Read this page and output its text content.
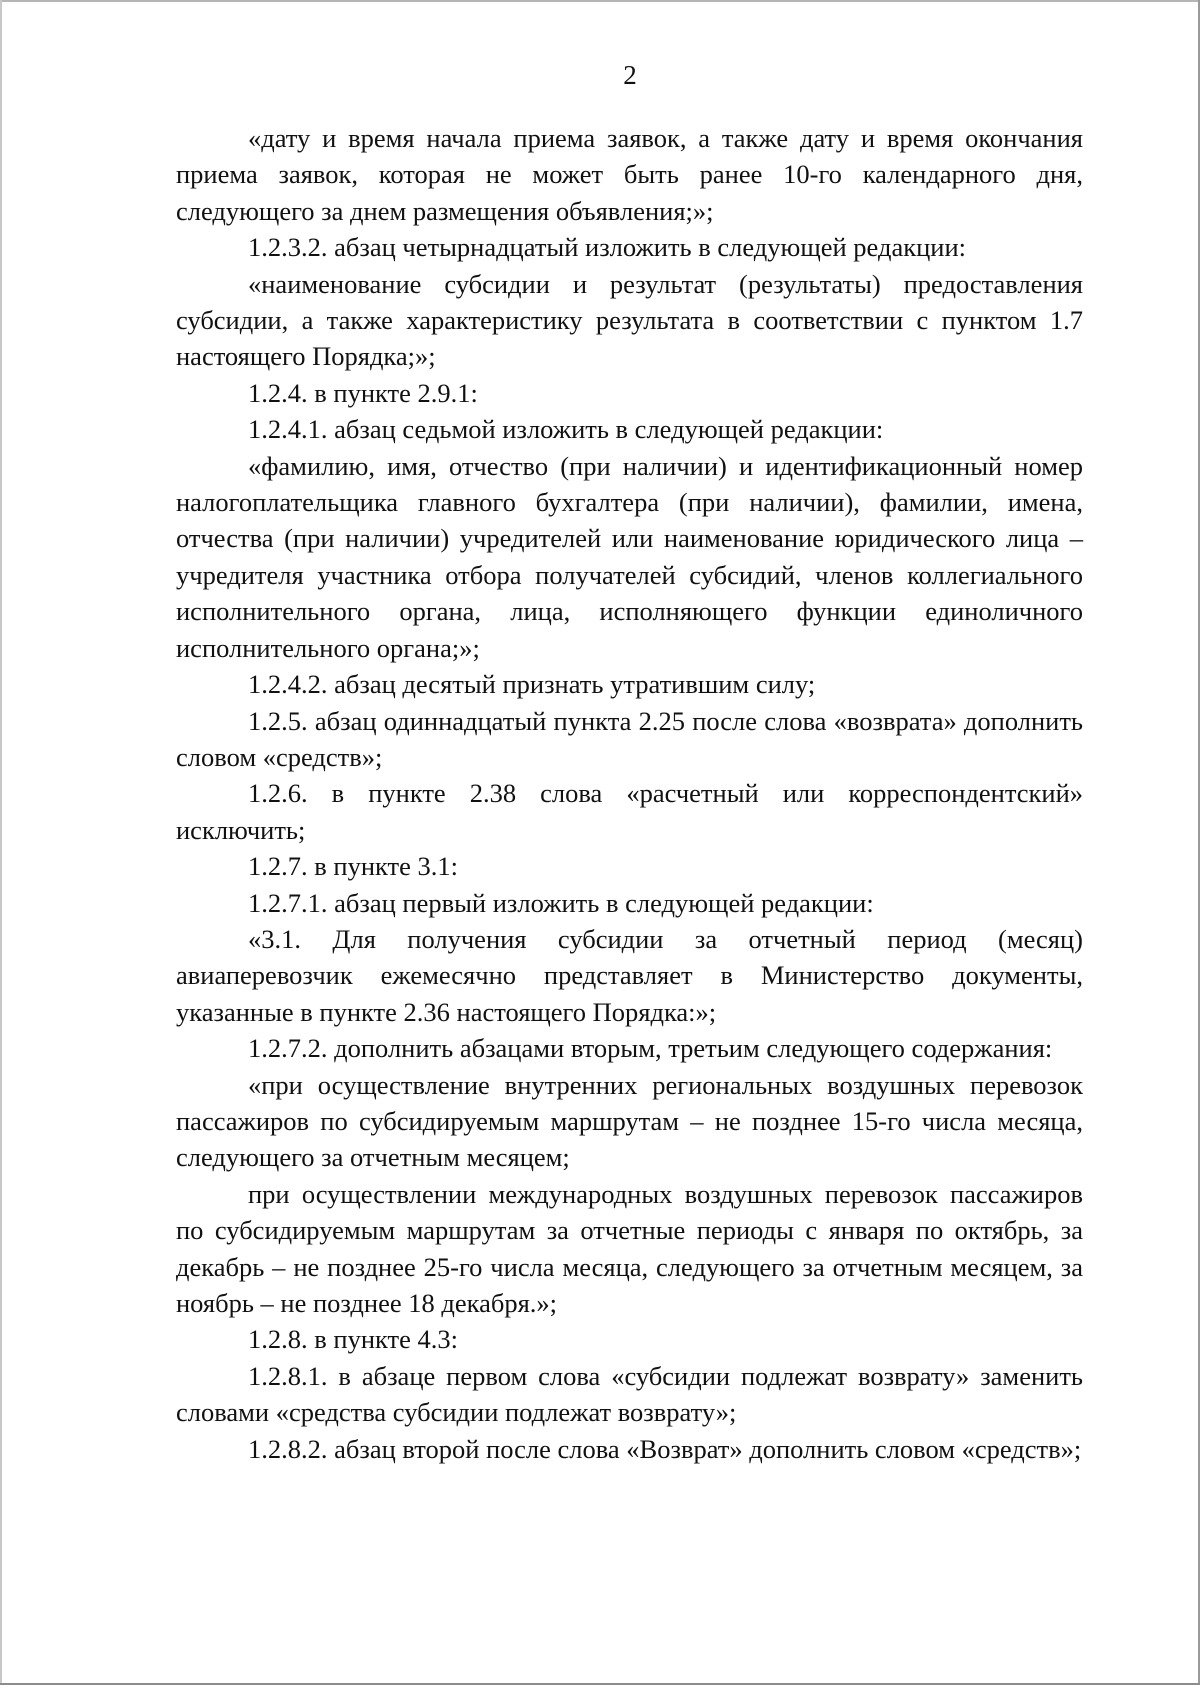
2

«дату и время начала приема заявок, а также дату и время окончания приема заявок, которая не может быть ранее 10-го календарного дня, следующего за днем размещения объявления;»;

1.2.3.2. абзац четырнадцатый изложить в следующей редакции:

«наименование субсидии и результат (результаты) предоставления субсидии, а также характеристику результата в соответствии с пунктом 1.7 настоящего Порядка;»;

1.2.4. в пункте 2.9.1:

1.2.4.1. абзац седьмой изложить в следующей редакции:

«фамилию, имя, отчество (при наличии) и идентификационный номер налогоплательщика главного бухгалтера (при наличии), фамилии, имена, отчества (при наличии) учредителей или наименование юридического лица – учредителя участника отбора получателей субсидий, членов коллегиального исполнительного органа, лица, исполняющего функции единоличного исполнительного органа;»;

1.2.4.2. абзац десятый признать утратившим силу;

1.2.5. абзац одиннадцатый пункта 2.25 после слова «возврата» дополнить словом «средств»;

1.2.6. в пункте 2.38 слова «расчетный или корреспондентский» исключить;

1.2.7. в пункте 3.1:

1.2.7.1. абзац первый изложить в следующей редакции:

«3.1. Для получения субсидии за отчетный период (месяц) авиаперевозчик ежемесячно представляет в Министерство документы, указанные в пункте 2.36 настоящего Порядка:»;

1.2.7.2. дополнить абзацами вторым, третьим следующего содержания:

«при осуществление внутренних региональных воздушных перевозок пассажиров по субсидируемым маршрутам – не позднее 15-го числа месяца, следующего за отчетным месяцем;

при осуществлении международных воздушных перевозок пассажиров по субсидируемым маршрутам за отчетные периоды с января по октябрь, за декабрь – не позднее 25-го числа месяца, следующего за отчетным месяцем, за ноябрь – не позднее 18 декабря.»;

1.2.8. в пункте 4.3:

1.2.8.1. в абзаце первом слова «субсидии подлежат возврату» заменить словами «средства субсидии подлежат возврату»;

1.2.8.2. абзац второй после слова «Возврат» дополнить словом «средств»;
